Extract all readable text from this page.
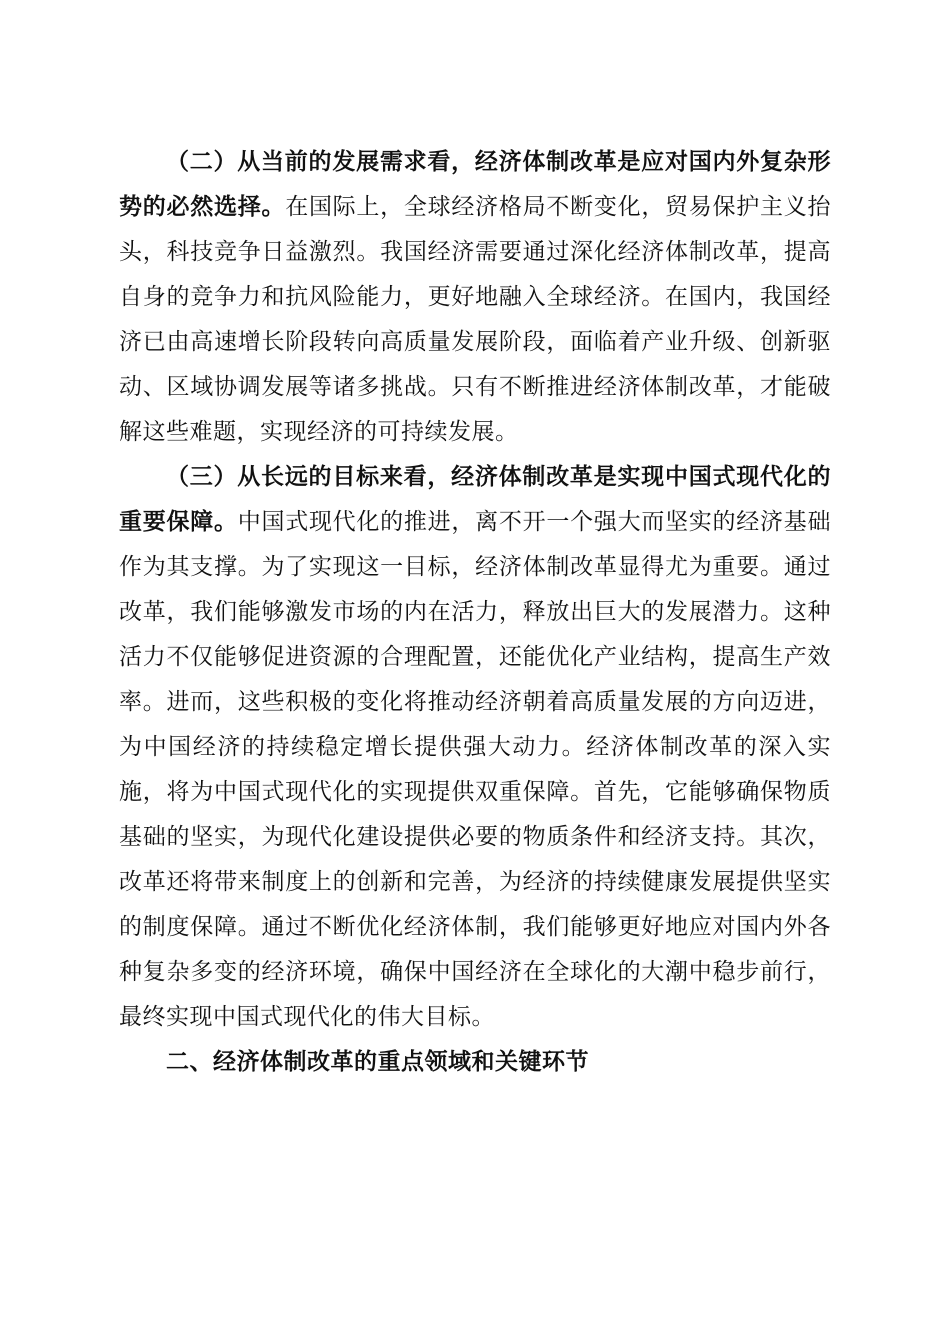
（二）从当前的发展需求看，经济体制改革是应对国内外复杂形势的必然选择。在国际上，全球经济格局不断变化，贸易保护主义抬头，科技竞争日益激烈。我国经济需要通过深化经济体制改革，提高自身的竞争力和抗风险能力，更好地融入全球经济。在国内，我国经济已由高速增长阶段转向高质量发展阶段，面临着产业升级、创新驱动、区域协调发展等诸多挑战。只有不断推进经济体制改革，才能破解这些难题，实现经济的可持续发展。

（三）从长远的目标来看，经济体制改革是实现中国式现代化的重要保障。中国式现代化的推进，离不开一个强大而坚实的经济基础作为其支撑。为了实现这一目标，经济体制改革显得尤为重要。通过改革，我们能够激发市场的内在活力，释放出巨大的发展潜力。这种活力不仅能够促进资源的合理配置，还能优化产业结构，提高生产效率。进而，这些积极的变化将推动经济朝着高质量发展的方向迈进，为中国经济的持续稳定增长提供强大动力。经济体制改革的深入实施，将为中国式现代化的实现提供双重保障。首先，它能够确保物质基础的坚实，为现代化建设提供必要的物质条件和经济支持。其次，改革还将带来制度上的创新和完善，为经济的持续健康发展提供坚实的制度保障。通过不断优化经济体制，我们能够更好地应对国内外各种复杂多变的经济环境，确保中国经济在全球化的大潮中稳步前行，最终实现中国式现代化的伟大目标。

二、经济体制改革的重点领域和关键环节
